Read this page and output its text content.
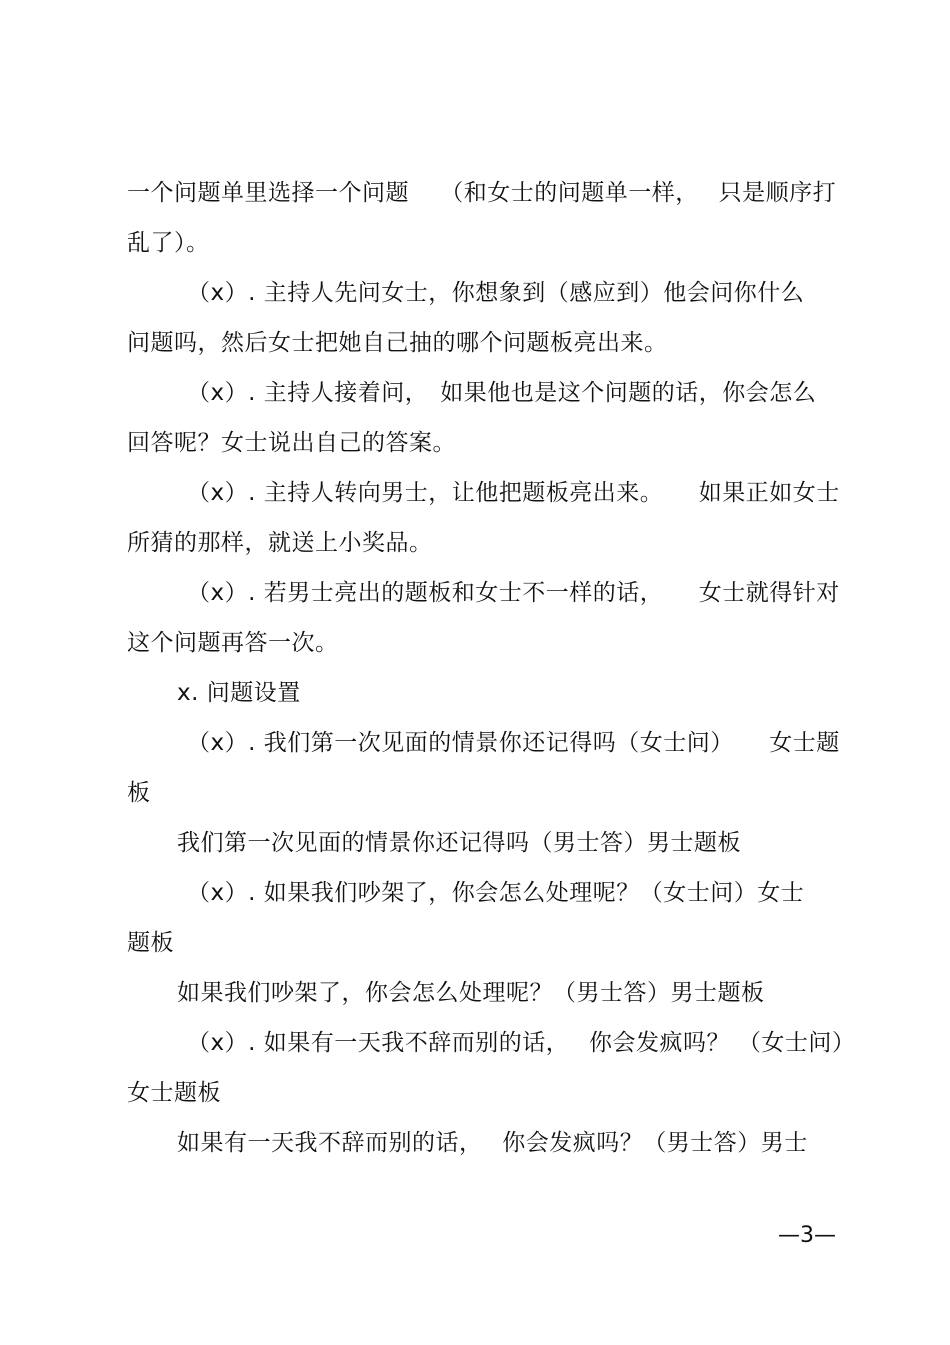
一个问题单里选择一个问题　 （和女士的问题单一样，　 只是顺序打
乱了）。
（x）. 主持人先问女士，你想象到（感应到）他会问你什么
问题吗，然后女士把她自己抽的哪个问题板亮出来。
（x）. 主持人接着问，　如果他也是这个问题的话，你会怎么
回答呢？女士说出自己的答案。
（x）. 主持人转向男士，让他把题板亮出来。　　如果正如女士
所猜的那样，就送上小奖品。
（x）. 若男士亮出的题板和女士不一样的话，　　女士就得针对
这个问题再答一次。
x. 问题设置
（x）. 我们第一次见面的情景你还记得吗（女士问）　　女士题
板
我们第一次见面的情景你还记得吗（男士答）男士题板
（x）. 如果我们吵架了，你会怎么处理呢？（女士问）女士
题板
如果我们吵架了，你会怎么处理呢？（男士答）男士题板
（x）. 如果有一天我不辞而别的话，　 你会发疯吗？ （女士问）
女士题板
如果有一天我不辞而别的话，　 你会发疯吗？（男士答）男士
—3—
